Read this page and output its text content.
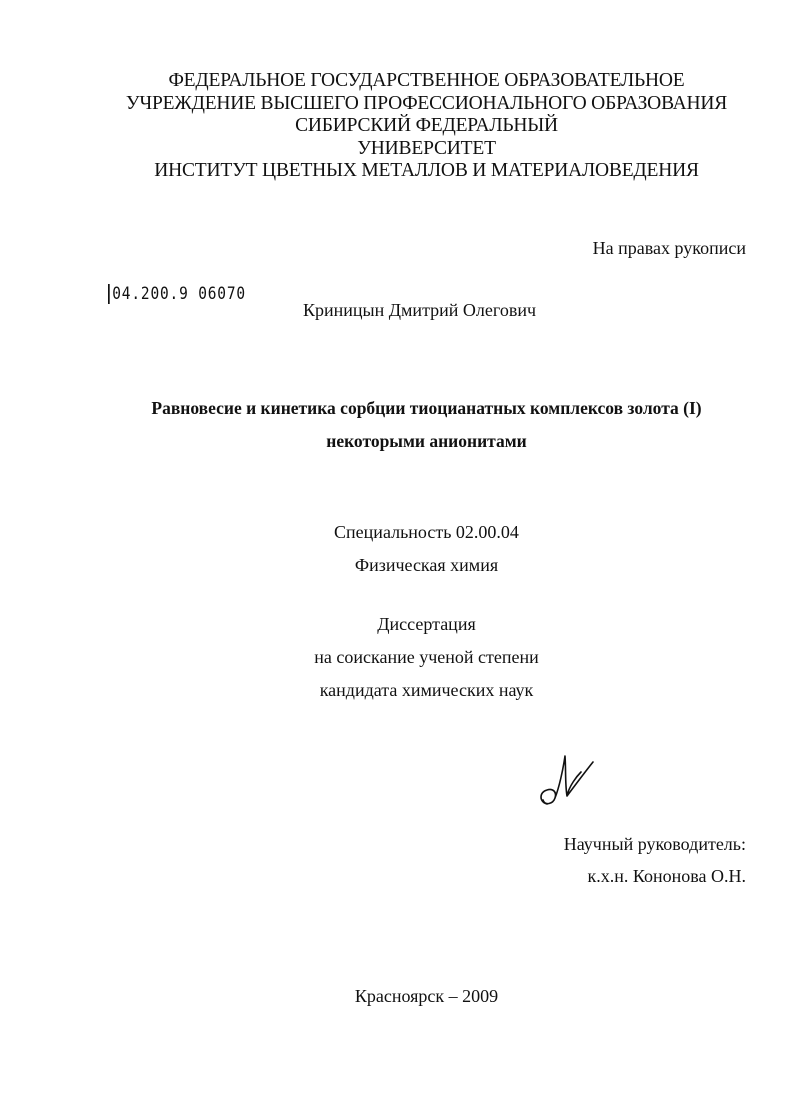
ФЕДЕРАЛЬНОЕ ГОСУДАРСТВЕННОЕ ОБРАЗОВАТЕЛЬНОЕ
УЧРЕЖДЕНИЕ ВЫСШЕГО ПРОФЕССИОНАЛЬНОГО ОБРАЗОВАНИЯ
СИБИРСКИЙ ФЕДЕРАЛЬНЫЙ
УНИВЕРСИТЕТ
ИНСТИТУТ ЦВЕТНЫХ МЕТАЛЛОВ И МАТЕРИАЛОВЕДЕНИЯ
На правах рукописи
04.200.9 06070
Криницын Дмитрий Олегович
Равновесие и кинетика сорбции тиоцианатных комплексов золота (I)
некоторыми анионитами
Специальность 02.00.04
Физическая химия
Диссертация
на соискание ученой степени
кандидата химических наук
Научный руководитель:
к.х.н. Кононова О.Н.
Красноярск – 2009
